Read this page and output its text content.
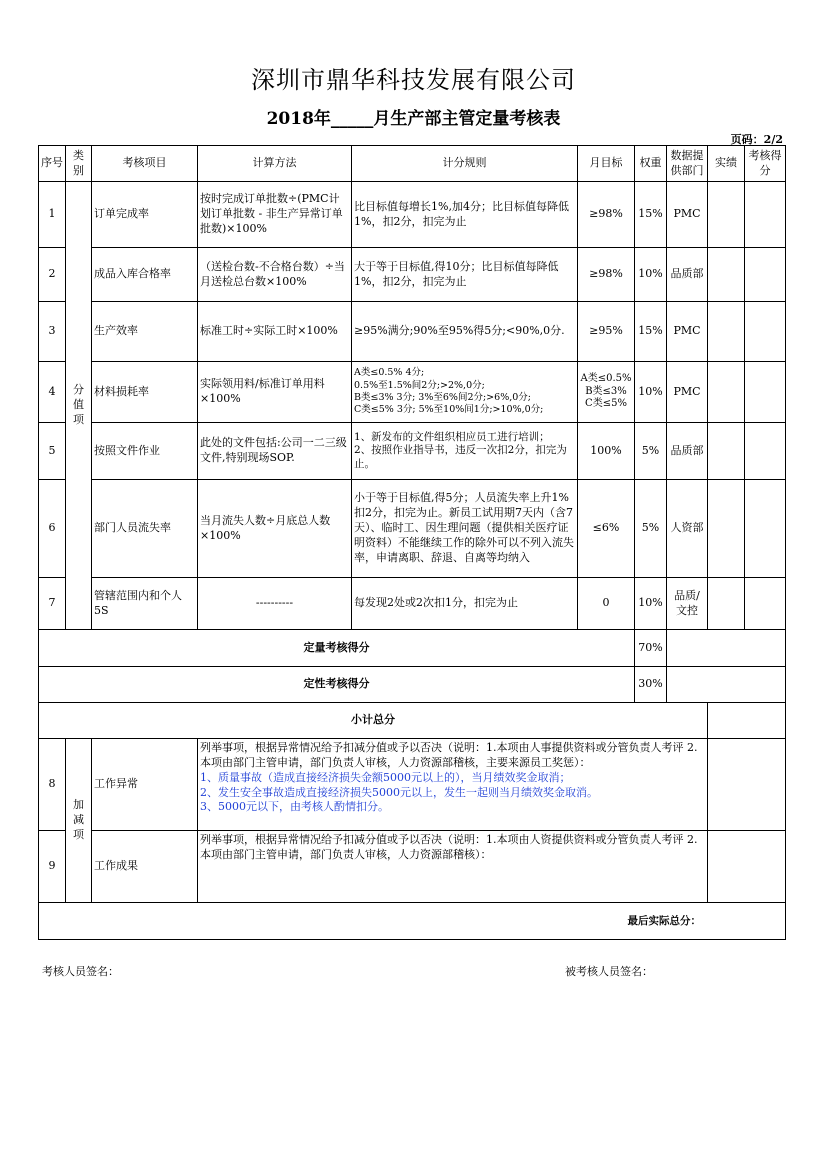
深圳市鼎华科技发展有限公司
2018年_____月生产部主管定量考核表
页码：2/2
序号	类别	考核项目	计算方法	计分规则	月目标	权重	数据提供部门	实绩	考核得分
1	分值项	订单完成率	按时完成订单批数÷(PMC计划订单批数 - 非生产异常订单批数)×100%	比目标值每增长1%,加4分；比目标值每降低1%，扣2分，扣完为止	≥98%	15%	PMC		
2		成品入库合格率	（送检台数-不合格台数）÷当月送检总台数×100%	大于等于目标值,得10分；比目标值每降低1%，扣2分，扣完为止	≥98%	10%	品质部		
3		生产效率	标准工时÷实际工时×100%	≥95%满分;90%至95%得5分;<90%,0分.	≥95%	15%	PMC		
4		材料损耗率	实际领用料/标准订单用料×100%	A类≤0.5% 4分;
0.5%至1.5%间2分;>2%,0分;
B类≤3% 3分; 3%至6%间2分;>6%,0分;
C类≤5% 3分; 5%至10%间1分;>10%,0分;	A类≤0.5% B类≤3% C类≤5%	10%	PMC		
5		按照文件作业	此处的文件包括:公司一二三级文件,特别现场SOP.	1、新发布的文件组织相应员工进行培训；
2、按照作业指导书，违反一次扣2分，扣完为止。	100%	5%	品质部		
6		部门人员流失率	当月流失人数÷月底总人数×100%	小于等于目标值,得5分；人员流失率上升1%扣2分，扣完为止。新员工试用期7天内（含7天）、临时工、因生理问题（提供相关医疗证明资料）不能继续工作的除外可以不列入流失率，申请离职、辞退、自离等均纳入	≤6%	5%	人资部		
7		管辖范围内和个人5S	----------	每发现2处或2次扣1分，扣完为止	0	10%	品质/文控		
定量考核得分						70%			
定性考核得分						30%			
小计总分									
8	加减项	工作异常	列举事项，根据异常情况给予扣减分值或予以否决（说明：1.本项由人事提供资料或分管负责人考评 2.本项由部门主管申请，部门负责人审核，人力资源部稽核，主要来源员工奖惩）：
1、质量事故（造成直接经济损失金额5000元以上的），当月绩效奖金取消；
2、发生安全事故造成直接经济损失5000元以上，发生一起则当月绩效奖金取消。
3、5000元以下，由考核人酌情扣分。						

9		工作成果	列举事项，根据异常情况给予扣减分值或予以否决（说明：1.本项由人资提供资料或分管负责人考评 2.本项由部门主管申请，部门负责人审核，人力资源部稽核）：						

最后实际总分：									
考核人员签名：	被考核人员签名：
